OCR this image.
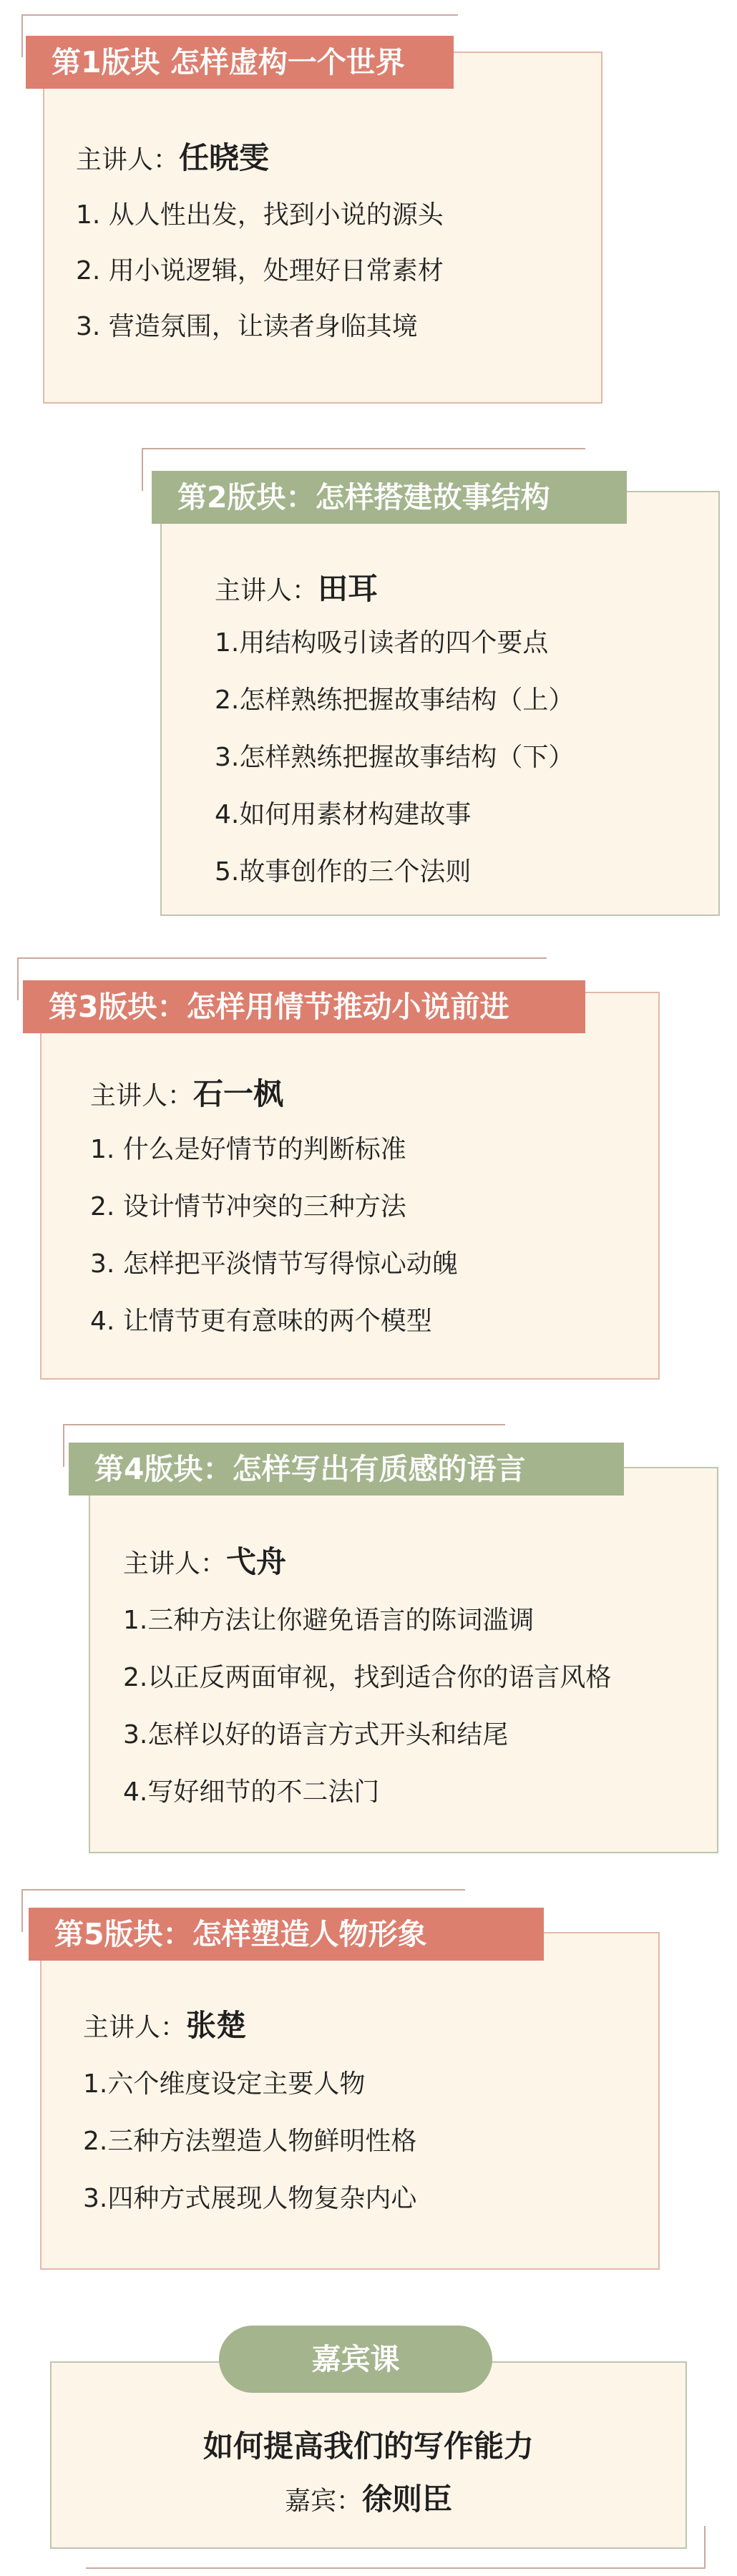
第1版块 怎样虚构一个世界
主讲人：任晓雯
1. 从人性出发，找到小说的源头
2. 用小说逻辑，处理好日常素材
3. 营造氛围，让读者身临其境
第2版块：怎样搭建故事结构
主讲人：田耳
1.用结构吸引读者的四个要点
2.怎样熟练把握故事结构（上）
3.怎样熟练把握故事结构（下）
4.如何用素材构建故事
5.故事创作的三个法则
第3版块：怎样用情节推动小说前进
主讲人：石一枫
1. 什么是好情节的判断标准
2. 设计情节冲突的三种方法
3. 怎样把平淡情节写得惊心动魄
4. 让情节更有意味的两个模型
第4版块：怎样写出有质感的语言
主讲人：弋舟
1.三种方法让你避免语言的陈词滥调
2.以正反两面审视，找到适合你的语言风格
3.怎样以好的语言方式开头和结尾
4.写好细节的不二法门
第5版块：怎样塑造人物形象
主讲人：张楚
1.六个维度设定主要人物
2.三种方法塑造人物鲜明性格
3.四种方式展现人物复杂内心
如何提高我们的写作能力
嘉宾：徐则臣
嘉宾课
